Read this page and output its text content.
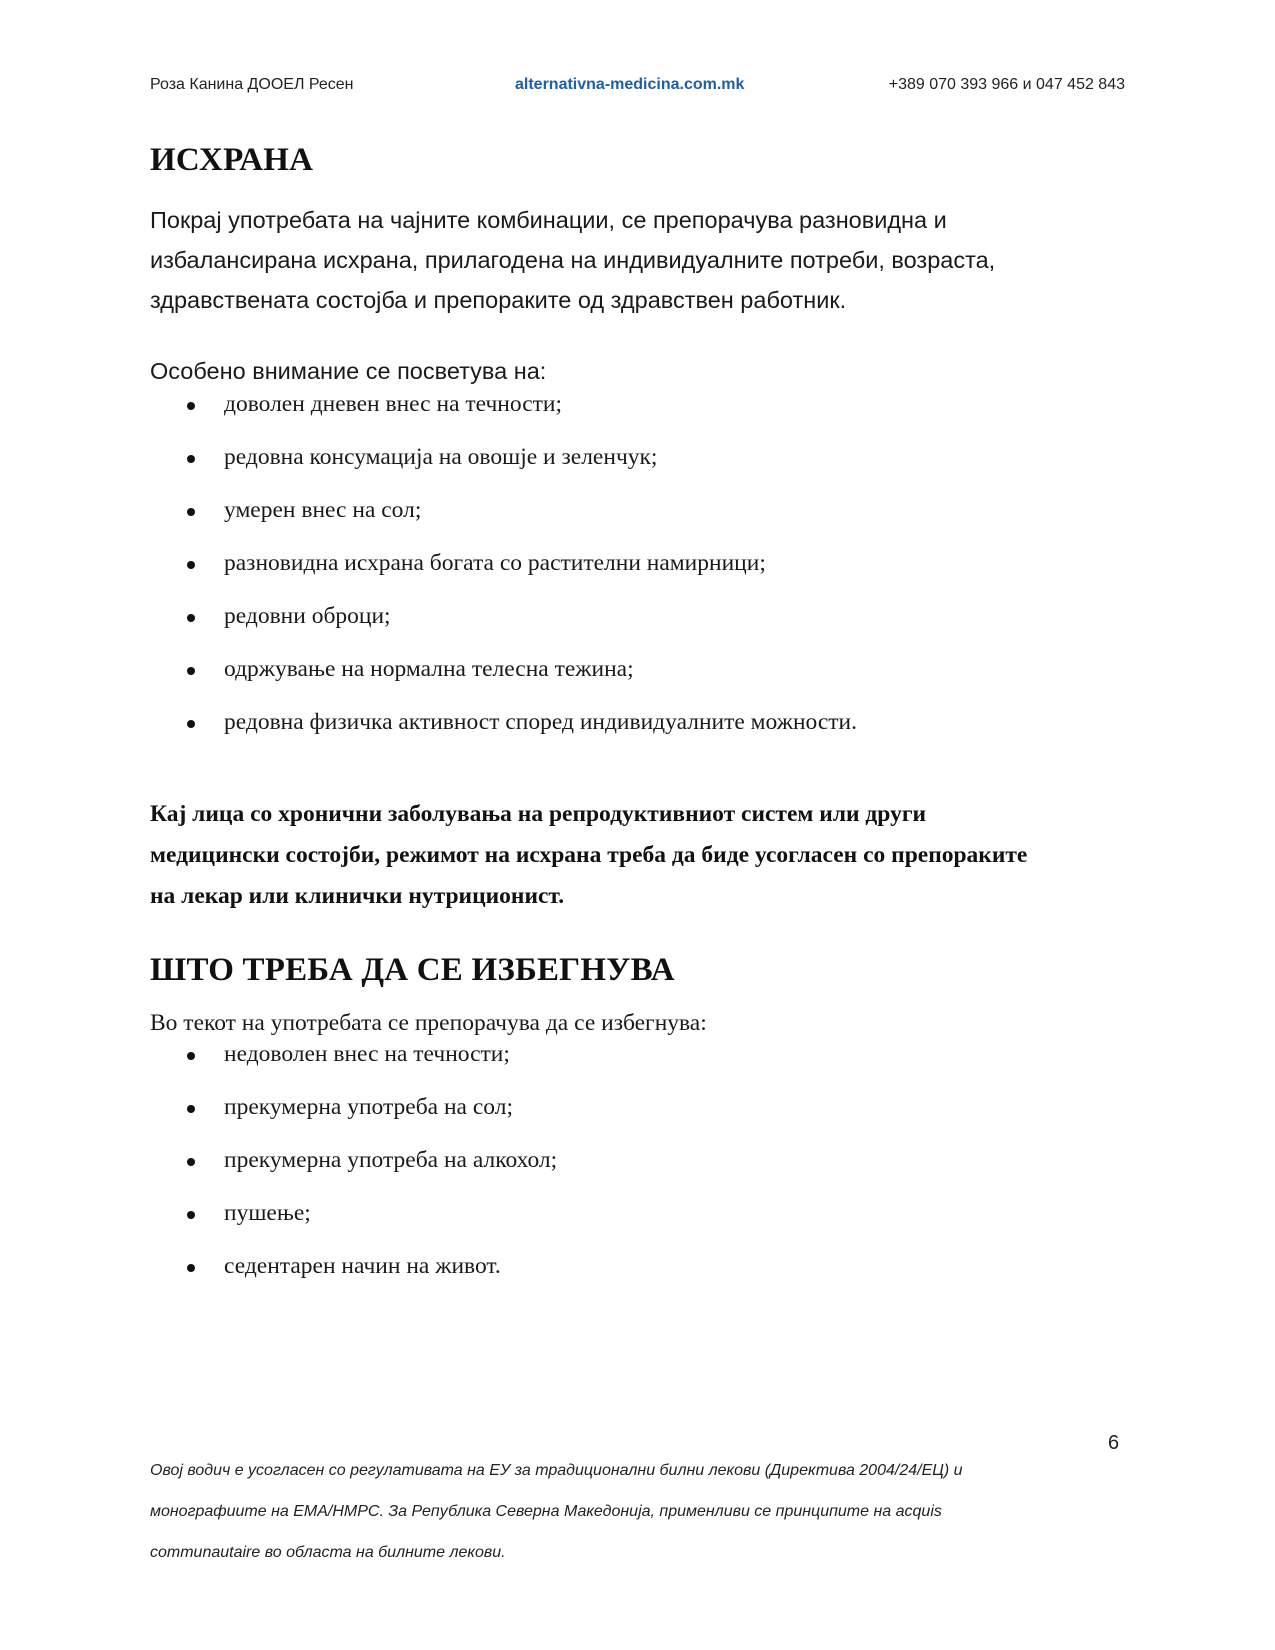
Роза Канина ДООЕЛ Ресен	alternativna-medicina.com.mk	+389 070 393 966 и 047 452 843
ИСХРАНА

Покрај употребата на чајните комбинации, се препорачува разновидна и избалансирана исхрана, прилагодена на индивидуалните потреби, возраста, здравствената состојба и препораките од здравствен работник.

Особено внимание се посветува на:

доволен дневен внес на течности;
редовна консумација на овошје и зеленчук;
умерен внес на сол;
разновидна исхрана богата со растителни намирници;
редовни оброци;
одржување на нормална телесна тежина;
редовна физичка активност според индивидуалните можности.

Кај лица со хронични заболувања на репродуктивниот систем или други медицински состојби, режимот на исхрана треба да биде усогласен со препораките на лекар или клинички нутриционист.

ШТО ТРЕБА ДА СЕ ИЗБЕГНУВА

Во текот на употребата се препорачува да се избегнува:

недоволен внес на течности;
прекумерна употреба на сол;
прекумерна употреба на алкохол;
пушење;
седентарен начин на живот.
6

Овој водич е усогласен со регулативата на ЕУ за традиционални билни лекови (Директива 2004/24/ЕЦ) и монографиите на ЕМА/НМРС. За Република Северна Македонија, применливи се принципите на acquis communautaire во областа на билните лекови.
